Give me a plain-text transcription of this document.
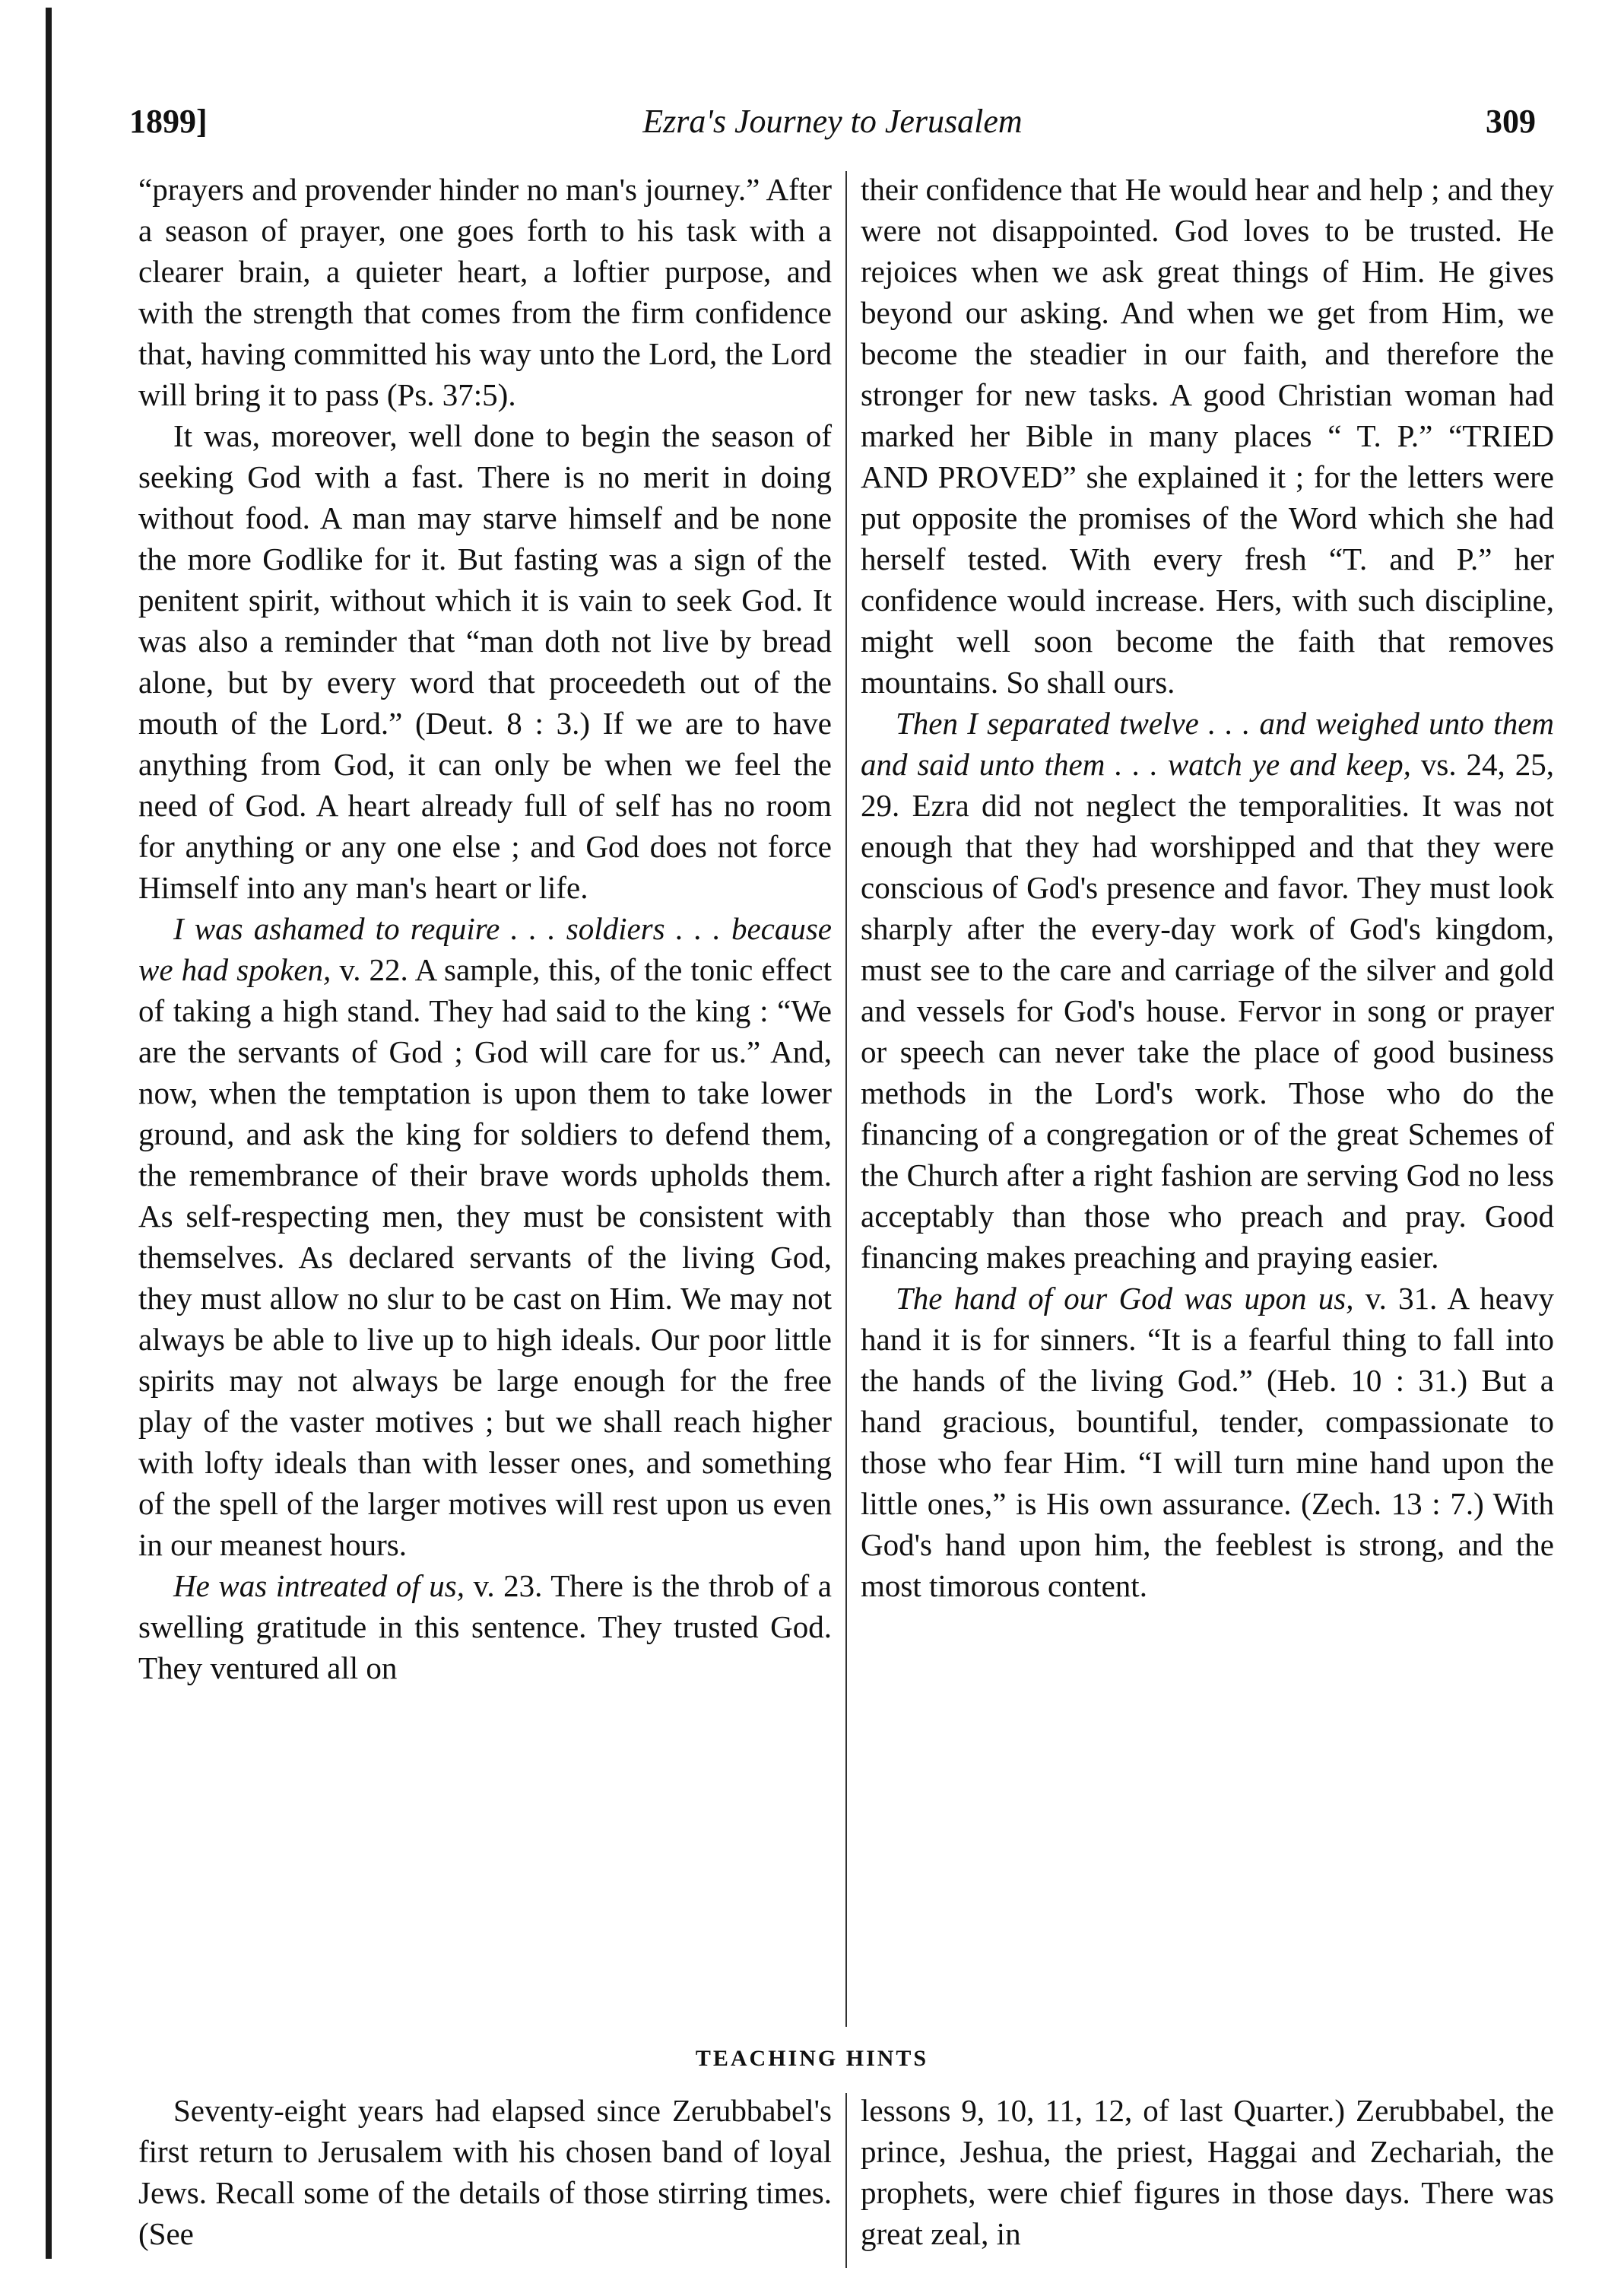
1899]	Ezra's Journey to Jerusalem	309

“prayers and provender hinder no man's journey.” After a season of prayer, one goes forth to his task with a clearer brain, a quieter heart, a loftier purpose, and with the strength that comes from the firm confidence that, having committed his way unto the Lord, the Lord will bring it to pass (Ps. 37:5).

It was, moreover, well done to begin the season of seeking God with a fast. There is no merit in doing without food. A man may starve himself and be none the more Godlike for it. But fasting was a sign of the penitent spirit, without which it is vain to seek God. It was also a reminder that “man doth not live by bread alone, but by every word that proceedeth out of the mouth of the Lord.” (Deut. 8 : 3.) If we are to have anything from God, it can only be when we feel the need of God. A heart already full of self has no room for anything or any one else ; and God does not force Himself into any man's heart or life.

I was ashamed to require . . . soldiers . . . because we had spoken, v. 22. A sample, this, of the tonic effect of taking a high stand. They had said to the king : “We are the servants of God ; God will care for us.” And, now, when the temptation is upon them to take lower ground, and ask the king for soldiers to defend them, the remembrance of their brave words upholds them. As self-respecting men, they must be consistent with themselves. As declared servants of the living God, they must allow no slur to be cast on Him. We may not always be able to live up to high ideals. Our poor little spirits may not always be large enough for the free play of the vaster motives ; but we shall reach higher with lofty ideals than with lesser ones, and something of the spell of the larger motives will rest upon us even in our meanest hours.

He was intreated of us, v. 23. There is the throb of a swelling gratitude in this sentence. They trusted God. They ventured all on

their confidence that He would hear and help ; and they were not disappointed. God loves to be trusted. He rejoices when we ask great things of Him. He gives beyond our asking. And when we get from Him, we become the steadier in our faith, and therefore the stronger for new tasks. A good Christian woman had marked her Bible in many places “ T. P.” “TRIED AND PROVED” she explained it ; for the letters were put opposite the promises of the Word which she had herself tested. With every fresh “T. and P.” her confidence would increase. Hers, with such discipline, might well soon become the faith that removes mountains. So shall ours.

Then I separated twelve . . . and weighed unto them and said unto them . . . watch ye and keep, vs. 24, 25, 29. Ezra did not neglect the temporalities. It was not enough that they had worshipped and that they were conscious of God's presence and favor. They must look sharply after the every-day work of God's kingdom, must see to the care and carriage of the silver and gold and vessels for God's house. Fervor in song or prayer or speech can never take the place of good business methods in the Lord's work. Those who do the financing of a congregation or of the great Schemes of the Church after a right fashion are serving God no less acceptably than those who preach and pray. Good financing makes preaching and praying easier.

The hand of our God was upon us, v. 31. A heavy hand it is for sinners. “It is a fearful thing to fall into the hands of the living God.” (Heb. 10 : 31.) But a hand gracious, bountiful, tender, compassionate to those who fear Him. “I will turn mine hand upon the little ones,” is His own assurance. (Zech. 13 : 7.) With God's hand upon him, the feeblest is strong, and the most timorous content.

TEACHING HINTS

Seventy-eight years had elapsed since Zerubbabel's first return to Jerusalem with his chosen band of loyal Jews. Recall some of the details of those stirring times. (See

lessons 9, 10, 11, 12, of last Quarter.) Zerubbabel, the prince, Jeshua, the priest, Haggai and Zechariah, the prophets, were chief figures in those days. There was great zeal, in
